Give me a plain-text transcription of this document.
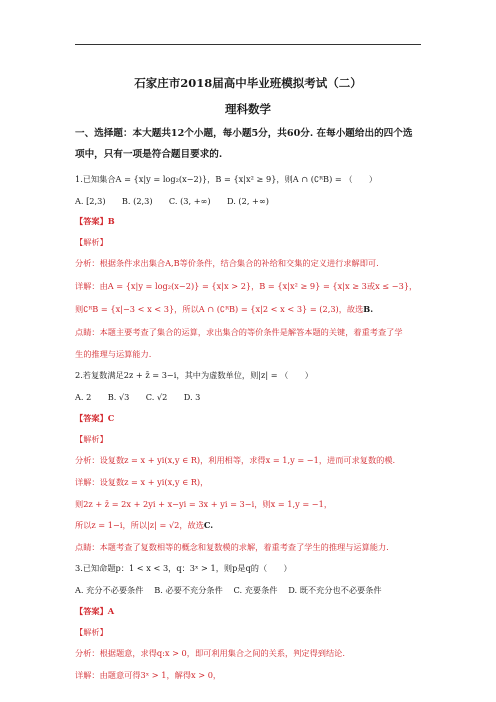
石家庄市2018届高中毕业班模拟考试（二）
理科数学
一、选择题：本大题共12个小题，每小题5分，共60分. 在每小题给出的四个选
项中，只有一项是符合题目要求的.
1.已知集合A = {x|y = log₂(x−2)}，B = {x|x² ≥ 9}，则A ∩ (∁ᴿB) = （　　）
A. [2,3)　　B. (2,3)　　C. (3, +∞)　　D. (2, +∞)
【答案】B
【解析】
分析：根据条件求出集合A,B等价条件，结合集合的补给和交集的定义进行求解即可.
详解：由A = {x|y = log₂(x−2)} = {x|x > 2}，B = {x|x² ≥ 9} = {x|x ≥ 3或x ≤ −3}，
则∁ᴿB = {x|−3 < x < 3}，所以A ∩ (∁ᴿB) = {x|2 < x < 3} = (2,3)，故选B.
点睛：本题主要考查了集合的运算，求出集合的等价条件是解答本题的关键，着重考查了学
生的推理与运算能力.
2.若复数满足2z + z̄ = 3−i，其中为虚数单位，则|z| = （　　）
A. 2　　B. √3　　C. √2　　D. 3
【答案】C
【解析】
分析：设复数z = x + yi(x,y ∈ R)，利用相等，求得x = 1,y = −1，进而可求复数的模.
详解：设复数z = x + yi(x,y ∈ R)，
则2z + z̄ = 2x + 2yi + x−yi = 3x + yi = 3−i，则x = 1,y = −1，
所以z = 1−i，所以|z| = √2，故选C.
点睛：本题考查了复数相等的概念和复数模的求解，着重考查了学生的推理与运算能力.
3.已知命题p：1 < x < 3，q：3ˣ > 1，则p是q的（　　）
A. 充分不必要条件　 B. 必要不充分条件　 C. 充要条件　 D. 既不充分也不必要条件
【答案】A
【解析】
分析：根据题意，求得q:x > 0，即可利用集合之间的关系，判定得到结论.
详解：由题意可得3ˣ > 1，解得x > 0，
